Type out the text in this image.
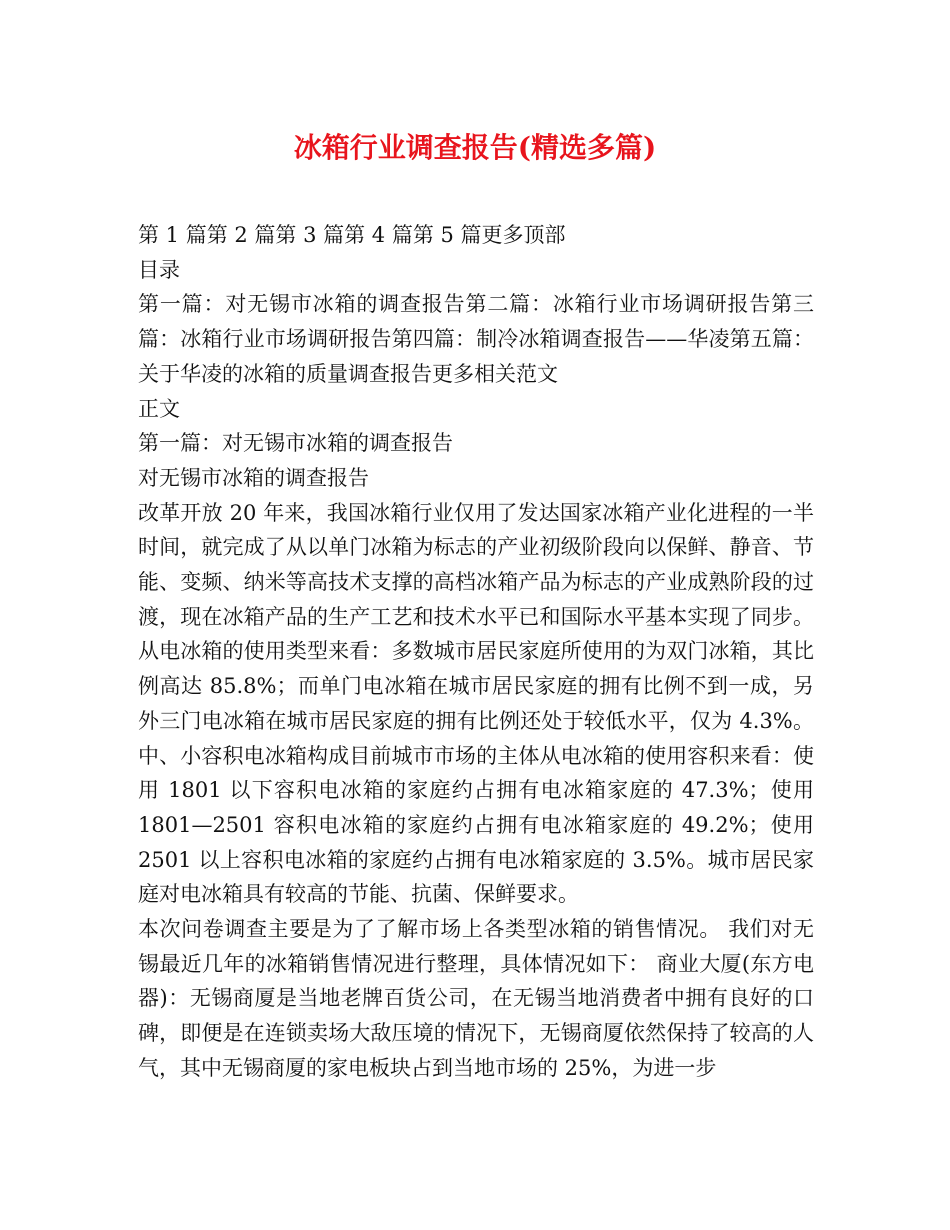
冰箱行业调查报告(精选多篇)

第 1 篇第 2 篇第 3 篇第 4 篇第 5 篇更多顶部

目录

第一篇：对无锡市冰箱的调查报告第二篇：冰箱行业市场调研报告第三篇：冰箱行业市场调研报告第四篇：制冷冰箱调查报告——华凌第五篇：关于华凌的冰箱的质量调查报告更多相关范文

正文

第一篇：对无锡市冰箱的调查报告

对无锡市冰箱的调查报告

改革开放 20 年来，我国冰箱行业仅用了发达国家冰箱产业化进程的一半时间，就完成了从以单门冰箱为标志的产业初级阶段向以保鲜、静音、节能、变频、纳米等高技术支撑的高档冰箱产品为标志的产业成熟阶段的过渡，现在冰箱产品的生产工艺和技术水平已和国际水平基本实现了同步。从电冰箱的使用类型来看：多数城市居民家庭所使用的为双门冰箱，其比例高达 85.8%；而单门电冰箱在城市居民家庭的拥有比例不到一成，另外三门电冰箱在城市居民家庭的拥有比例还处于较低水平，仅为 4.3%。中、小容积电冰箱构成目前城市市场的主体从电冰箱的使用容积来看：使用 1801 以下容积电冰箱的家庭约占拥有电冰箱家庭的 47.3%；使用 1801—2501 容积电冰箱的家庭约占拥有电冰箱家庭的 49.2%；使用 2501 以上容积电冰箱的家庭约占拥有电冰箱家庭的 3.5%。城市居民家庭对电冰箱具有较高的节能、抗菌、保鲜要求。

本次问卷调查主要是为了了解市场上各类型冰箱的销售情况。 我们对无锡最近几年的冰箱销售情况进行整理，具体情况如下： 商业大厦(东方电器)：无锡商厦是当地老牌百货公司，在无锡当地消费者中拥有良好的口碑，即便是在连锁卖场大敌压境的情况下，无锡商厦依然保持了较高的人气，其中无锡商厦的家电板块占到当地市场的 25%，为进一步
